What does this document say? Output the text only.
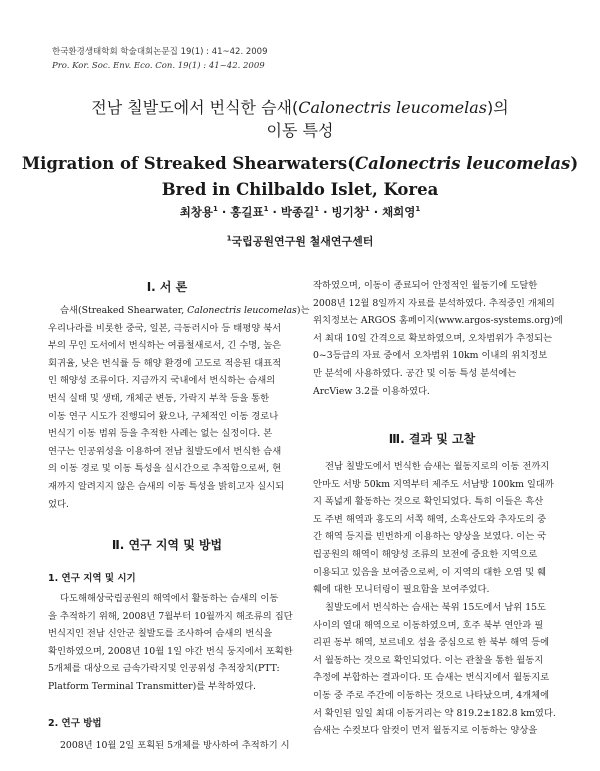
한국환경생태학회 학술대회논문집 19(1) : 41~42. 2009
Pro. Kor. Soc. Env. Eco. Con. 19(1) : 41~42. 2009
전남 칠발도에서 번식한 슴새(Calonectris leucomelas)의
이동 특성
Migration of Streaked Shearwaters(Calonectris leucomelas)
Bred in Chilbaldo Islet, Korea
최창용$^1$ · 홍길표$^1$ · 박종길$^1$ · 빙기창$^1$ · 채희영$^1$
$^1$국립공원연구원 철새연구센터
Ⅰ. 서 론

슴새(Streaked Shearwater, Calonectris leucomelas)는

우리나라를 비롯한 중국, 일본, 극동러시아 등 태평양 북서

부의 무인 도서에서 번식하는 여름철새로서, 긴 수명, 높은

회귀율, 낮은 번식률 등 해양 환경에 고도로 적응된 대표적

인 해양성 조류이다. 지금까지 국내에서 번식하는 슴새의

번식 실태 및 생태, 개체군 변동, 가락지 부착 등을 통한

이동 연구 시도가 진행되어 왔으나, 구체적인 이동 경로나

번식기 이동 범위 등을 추적한 사례는 없는 실정이다. 본

연구는 인공위성을 이용하여 전남 칠발도에서 번식한 슴새

의 이동 경로 및 이동 특성을 실시간으로 추적함으로써, 현

재까지 알려지지 않은 슴새의 이동 특성을 밝히고자 실시되

었다.

Ⅱ. 연구 지역 및 방법
1. 연구 지역 및 시기

다도해해상국립공원의 해역에서 활동하는 슴새의 이동

을 추적하기 위해, 2008년 7월부터 10월까지 해조류의 집단

번식지인 전남 신안군 칠발도를 조사하여 슴새의 번식을

확인하였으며, 2008년 10월 1일 야간 번식 둥지에서 포획한

5개체를 대상으로 금속가락지및 인공위성 추적장치(PTT:

Platform Terminal Transmitter)를 부착하였다.

2. 연구 방법

2008년 10월 2일 포획된 5개체를 방사하여 추적하기 시

작하였으며, 이동이 종료되어 안정적인 월동기에 도달한

2008년 12월 8일까지 자료를 분석하였다. 추적중인 개체의

위치정보는 ARGOS 홈페이지(www.argos-systems.org)에

서 최대 10일 간격으로 확보하였으며, 오차범위가 추정되는

0~3등급의 자료 중에서 오차범위 10km 이내의 위치정보

만 분석에 사용하였다. 공간 및 이동 특성 분석에는

ArcView 3.2를 이용하였다.

Ⅲ. 결과 및 고찰

전남 칠발도에서 번식한 슴새는 월동지로의 이동 전까지

안마도 서방 50km 지역부터 제주도 서남방 100km 일대까

지 폭넓게 활동하는 것으로 확인되었다. 특히 이들은 흑산

도 주변 해역과 홍도의 서쪽 해역, 소흑산도와 추자도의 중

간 해역 등지를 빈번하게 이용하는 양상을 보였다. 이는 국

립공원의 해역이 해양성 조류의 보전에 중요한 지역으로

이용되고 있음을 보여줌으로써, 이 지역의 대한 오염 및 훼

훼에 대한 모니터링이 필요함을 보여주었다.

칠발도에서 번식하는 슴새는 북위 15도에서 남위 15도

사이의 열대 해역으로 이동하였으며, 호주 북부 연안과 필

리핀 동부 해역, 보르네오 섬을 중심으로 한 북부 해역 등에

서 월동하는 것으로 확인되었다. 이는 관찰을 통한 월동지

추정에 부합하는 결과이다. 또 슴새는 번식지에서 월동지로

이동 중 주로 주간에 이동하는 것으로 나타났으며, 4개체에

서 확인된 일일 최대 이동거리는 약 819.2±182.8 km였다.

슴새는 수컷보다 암컷이 먼저 월동지로 이동하는 양상을
